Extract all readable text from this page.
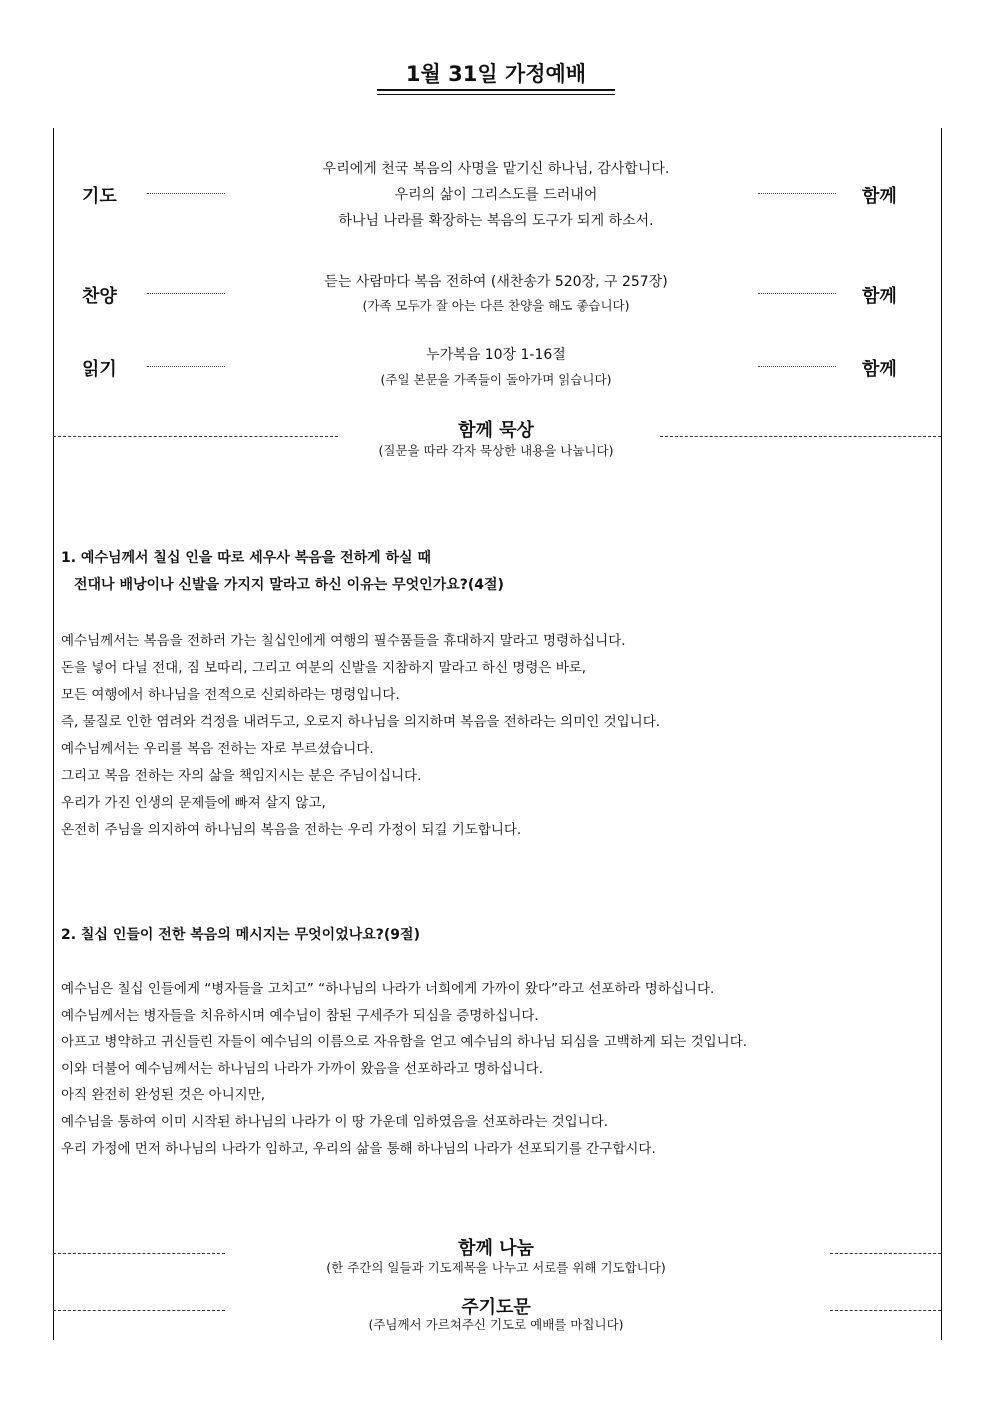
1월 31일 가정예배
기도
우리에게 천국 복음의 사명을 맡기신 하나님, 감사합니다.
우리의 삶이 그리스도를 드러내어
하나님 나라를 확장하는 복음의 도구가 되게 하소서.
함께
찬양
듣는 사람마다 복음 전하여 (새찬송가 520장, 구 257장)
(가족 모두가 잘 아는 다른 찬양을 해도 좋습니다)	함께
읽기
누가복음 10장 1-16절
(주일 본문을 가족들이 돌아가며 읽습니다)	함께
함께 묵상
(질문을 따라 각자 묵상한 내용을 나눕니다)
1. 예수님께서 칠십 인을 따로 세우사 복음을 전하게 하실 때
전대나 배낭이나 신발을 가지지 말라고 하신 이유는 무엇인가요?(4절)
예수님께서는 복음을 전하러 가는 칠십인에게 여행의 필수품들을 휴대하지 말라고 명령하십니다.
돈을 넣어 다닐 전대, 짐 보따리, 그리고 여분의 신발을 지참하지 말라고 하신 명령은 바로,
모든 여행에서 하나님을 전적으로 신뢰하라는 명령입니다.
즉, 물질로 인한 염려와 걱정을 내려두고, 오로지 하나님을 의지하며 복음을 전하라는 의미인 것입니다.
예수님께서는 우리를 복음 전하는 자로 부르셨습니다.
그리고 복음 전하는 자의 삶을 책임지시는 분은 주님이십니다.
우리가 가진 인생의 문제들에 빠져 살지 않고,
온전히 주님을 의지하여 하나님의 복음을 전하는 우리 가정이 되길 기도합니다.
2. 칠십 인들이 전한 복음의 메시지는 무엇이었나요?(9절)
예수님은 칠십 인들에게 “병자들을 고치고” “하나님의 나라가 너희에게 가까이 왔다”라고 선포하라 명하십니다.
예수님께서는 병자들을 치유하시며 예수님이 참된 구세주가 되심을 증명하십니다.
아프고 병약하고 귀신들린 자들이 예수님의 이름으로 자유함을 얻고 예수님의 하나님 되심을 고백하게 되는 것입니다.
이와 더불어 예수님께서는 하나님의 나라가 가까이 왔음을 선포하라고 명하십니다.
아직 완전히 완성된 것은 아니지만,
예수님을 통하여 이미 시작된 하나님의 나라가 이 땅 가운데 임하였음을 선포하라는 것입니다.
우리 가정에 먼저 하나님의 나라가 임하고, 우리의 삶을 통해 하나님의 나라가 선포되기를 간구합시다.
함께 나눔
(한 주간의 일들과 기도제목을 나누고 서로를 위해 기도합니다)
주기도문
(주님께서 가르쳐주신 기도로 예배를 마칩니다)
